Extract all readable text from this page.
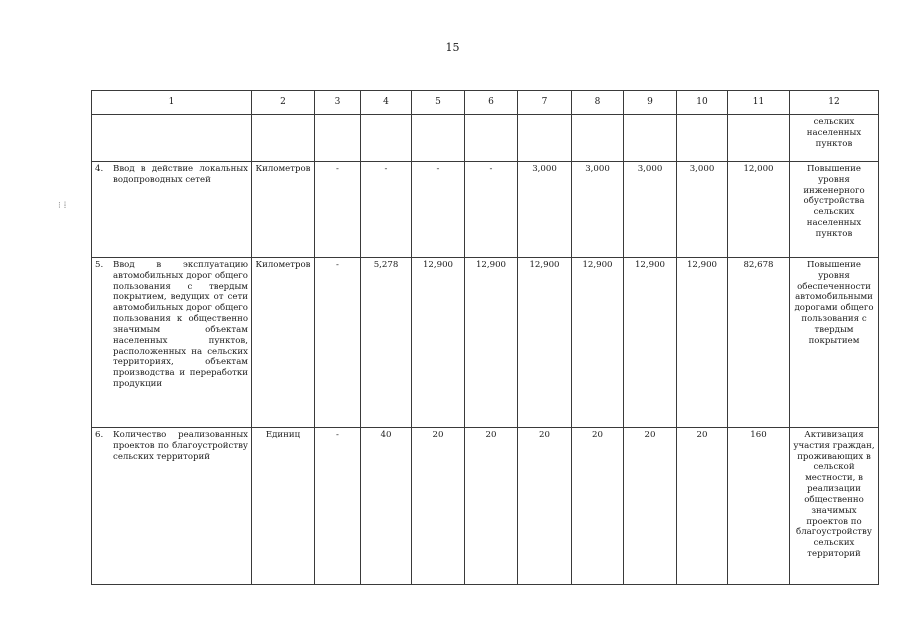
15
⁝ ⁞
1	2	3	4	5	6	7	8	9	10	11	12
											сельских населенных пунктов

4. Ввод в действие локальных водопроводных сетей	Километров	-	-	-	-	3,000	3,000	3,000	3,000	12,000	Повышение уровня инженерного обустройства сельских населенных пунктов

5. Ввод в эксплуатацию автомобильных дорог общего пользования с твердым покрытием, ведущих от сети автомобильных дорог общего пользования к общественно значимым объектам населенных пунктов, расположенных на сельских территориях, объектам производства и переработки продукции	Километров	-	5,278	12,900	12,900	12,900	12,900	12,900	12,900	82,678	Повышение уровня обеспеченности автомобильными дорогами общего пользования с твердым покрытием

6. Количество реализованных проектов по благоустройству сельских территорий	Единиц	-	40	20	20	20	20	20	20	160	Активизация участия граждан, проживающих в сельской местности, в реализации общественно значимых проектов по благоустройству сельских территорий
